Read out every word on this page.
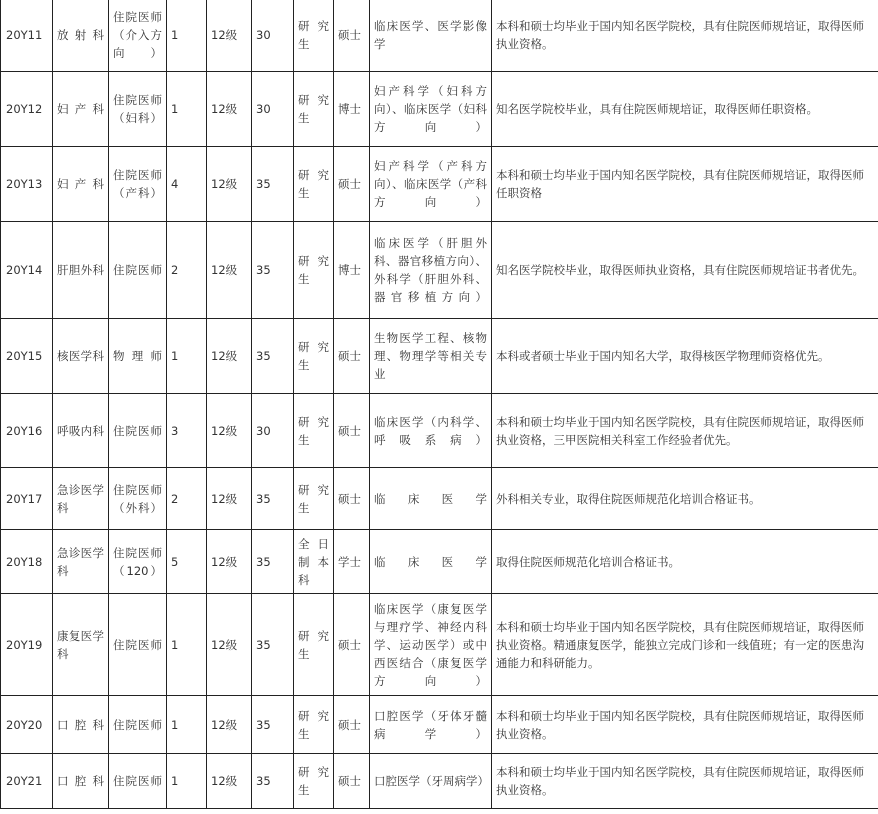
20Y11	放射科	住院医师（介入方向）	1	12级	30	研究生	硕士	临床医学、医学影像学	本科和硕士均毕业于国内知名医学院校，具有住院医师规培证，取得医师执业资格。
20Y12	妇产科	住院医师（妇科）	1	12级	30	研究生	博士	妇产科学（妇科方向）、临床医学（妇科方向）	知名医学院校毕业，具有住院医师规培证，取得医师任职资格。
20Y13	妇产科	住院医师（产科）	4	12级	35	研究生	硕士	妇产科学（产科方向）、临床医学（产科方向）	本科和硕士均毕业于国内知名医学院校，具有住院医师规培证，取得医师任职资格
20Y14	肝胆外科	住院医师	2	12级	35	研究生	博士	临床医学（肝胆外科、器官移植方向）、外科学（肝胆外科、器官移植方向）	知名医学院校毕业，取得医师执业资格，具有住院医师规培证书者优先。
20Y15	核医学科	物理师	1	12级	35	研究生	硕士	生物医学工程、核物理、物理学等相关专业	本科或者硕士毕业于国内知名大学，取得核医学物理师资格优先。
20Y16	呼吸内科	住院医师	3	12级	30	研究生	硕士	临床医学（内科学、呼吸系病）	本科和硕士均毕业于国内知名医学院校，具有住院医师规培证，取得医师执业资格，三甲医院相关科室工作经验者优先。
20Y17	急诊医学科	住院医师（外科）	2	12级	35	研究生	硕士	临床医学	外科相关专业，取得住院医师规范化培训合格证书。
20Y18	急诊医学科	住院医师（120）	5	12级	35	全日制本科	学士	临床医学	取得住院医师规范化培训合格证书。
20Y19	康复医学科	住院医师	1	12级	35	研究生	硕士	临床医学（康复医学与理疗学、神经内科学、运动医学）或中西医结合（康复医学方向）	本科和硕士均毕业于国内知名医学院校，具有住院医师规培证，取得医师执业资格。精通康复医学，能独立完成门诊和一线值班；有一定的医患沟通能力和科研能力。
20Y20	口腔科	住院医师	1	12级	35	研究生	硕士	口腔医学（牙体牙髓病学）	本科和硕士均毕业于国内知名医学院校，具有住院医师规培证，取得医师执业资格。
20Y21	口腔科	住院医师	1	12级	35	研究生	硕士	口腔医学（牙周病学）	本科和硕士均毕业于国内知名医学院校，具有住院医师规培证，取得医师执业资格。
